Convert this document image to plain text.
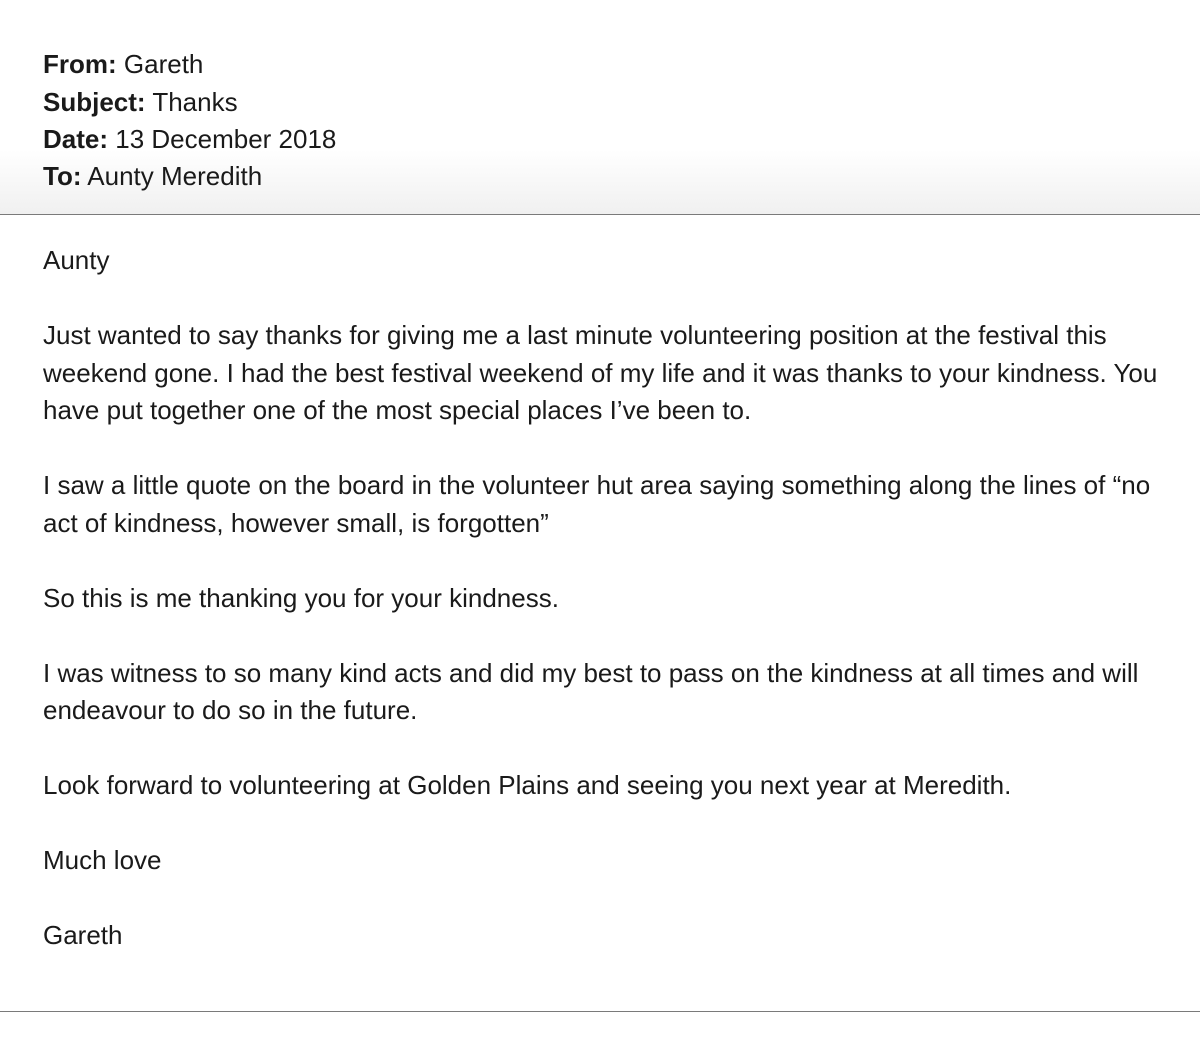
From: Gareth
Subject: Thanks
Date: 13 December 2018
To: Aunty Meredith

Aunty

Just wanted to say thanks for giving me a last minute volunteering position at the festival this weekend gone. I had the best festival weekend of my life and it was thanks to your kindness. You have put together one of the most special places I’ve been to.

I saw a little quote on the board in the volunteer hut area saying something along the lines of “no act of kindness, however small, is forgotten”

So this is me thanking you for your kindness.

I was witness to so many kind acts and did my best to pass on the kindness at all times and will endeavour to do so in the future.

Look forward to volunteering at Golden Plains and seeing you next year at Meredith.

Much love

Gareth
